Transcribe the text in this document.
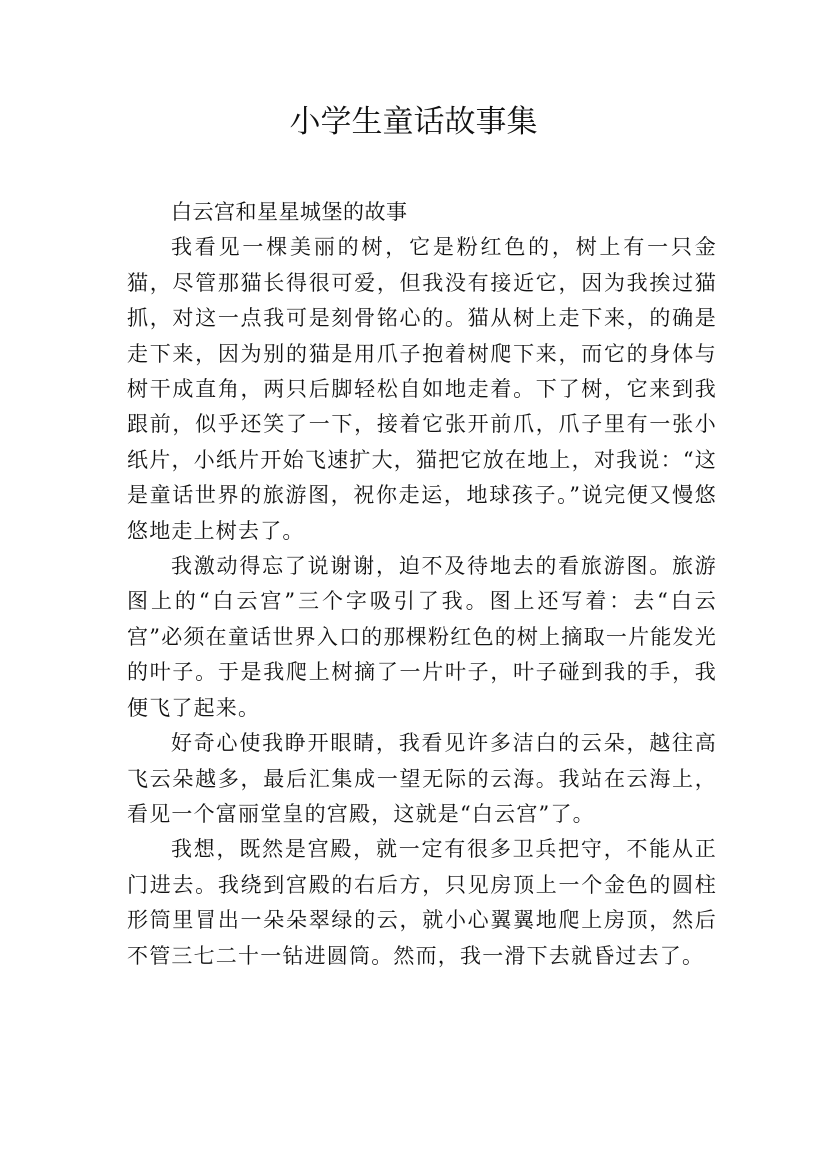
小学生童话故事集

白云宫和星星城堡的故事

我看见一棵美丽的树，它是粉红色的，树上有一只金猫，尽管那猫长得很可爱，但我没有接近它，因为我挨过猫抓，对这一点我可是刻骨铭心的。猫从树上走下来，的确是走下来，因为别的猫是用爪子抱着树爬下来，而它的身体与树干成直角，两只后脚轻松自如地走着。下了树，它来到我跟前，似乎还笑了一下，接着它张开前爪，爪子里有一张小纸片，小纸片开始飞速扩大，猫把它放在地上，对我说：“这是童话世界的旅游图，祝你走运，地球孩子。”说完便又慢悠悠地走上树去了。

我激动得忘了说谢谢，迫不及待地去的看旅游图。旅游图上的“白云宫”三个字吸引了我。图上还写着：去“白云宫”必须在童话世界入口的那棵粉红色的树上摘取一片能发光的叶子。于是我爬上树摘了一片叶子，叶子碰到我的手，我便飞了起来。

好奇心使我睁开眼睛，我看见许多洁白的云朵，越往高飞云朵越多，最后汇集成一望无际的云海。我站在云海上，看见一个富丽堂皇的宫殿，这就是“白云宫”了。

我想，既然是宫殿，就一定有很多卫兵把守，不能从正门进去。我绕到宫殿的右后方，只见房顶上一个金色的圆柱形筒里冒出一朵朵翠绿的云，就小心翼翼地爬上房顶，然后不管三七二十一钻进圆筒。然而，我一滑下去就昏过去了。
